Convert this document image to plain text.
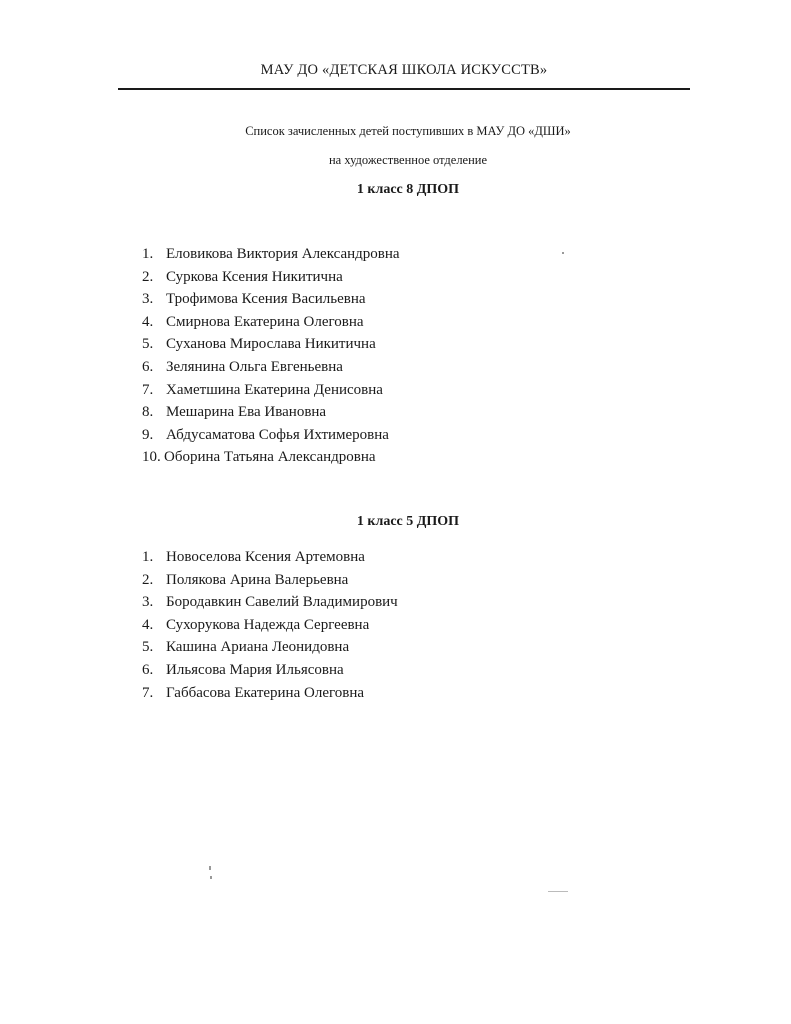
МАУ ДО «ДЕТСКАЯ ШКОЛА ИСКУССТВ»
Список зачисленных детей поступивших в МАУ ДО «ДШИ»
на художественное отделение
1 класс 8 ДПОП
1. Еловикова Виктория Александровна
2. Суркова Ксения Никитична
3. Трофимова Ксения Васильевна
4. Смирнова Екатерина Олеговна
5. Суханова Мирослава Никитична
6. Зелянина Ольга Евгеньевна
7. Хаметшина Екатерина Денисовна
8. Мешарина Ева Ивановна
9. Абдусаматова Софья Ихтимеровна
10. Оборина Татьяна Александровна
1 класс 5 ДПОП
1. Новоселова Ксения Артемовна
2. Полякова Арина Валерьевна
3. Бородавкин Савелий Владимирович
4. Сухорукова Надежда Сергеевна
5. Кашина Ариана Леонидовна
6. Ильясова Мария Ильясовна
7. Габбасова Екатерина Олеговна
